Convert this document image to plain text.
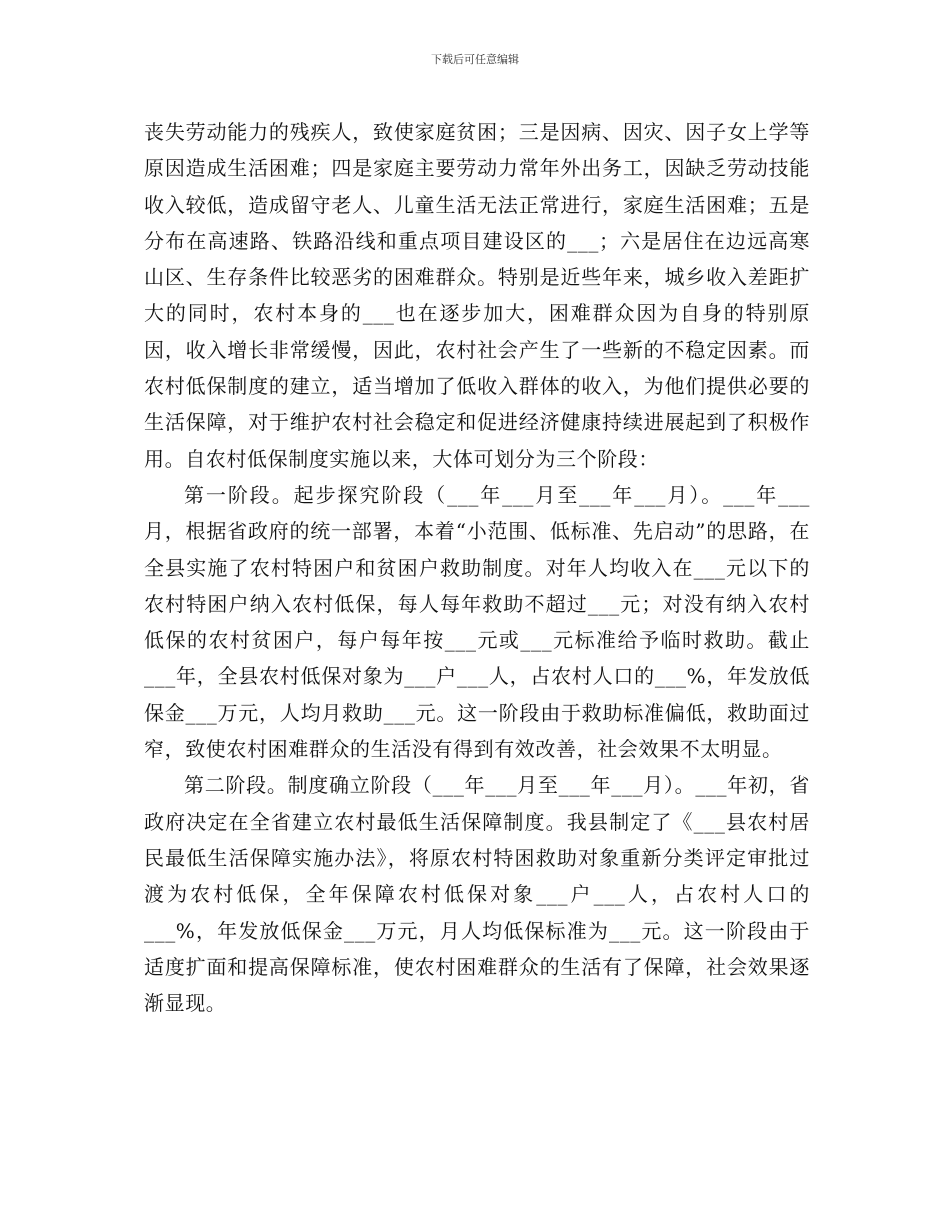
下载后可任意编辑

丧失劳动能力的残疾人，致使家庭贫困；三是因病、因灾、因子女上学等原因造成生活困难；四是家庭主要劳动力常年外出务工，因缺乏劳动技能收入较低，造成留守老人、儿童生活无法正常进行，家庭生活困难；五是分布在高速路、铁路沿线和重点项目建设区的___；六是居住在边远高寒山区、生存条件比较恶劣的困难群众。特别是近些年来，城乡收入差距扩大的同时，农村本身的___也在逐步加大，困难群众因为自身的特别原因，收入增长非常缓慢，因此，农村社会产生了一些新的不稳定因素。而农村低保制度的建立，适当增加了低收入群体的收入，为他们提供必要的生活保障，对于维护农村社会稳定和促进经济健康持续进展起到了积极作用。自农村低保制度实施以来，大体可划分为三个阶段：

第一阶段。起步探究阶段（___年___月至___年___月）。___年___月，根据省政府的统一部署，本着“小范围、低标准、先启动”的思路，在全县实施了农村特困户和贫困户救助制度。对年人均收入在___元以下的农村特困户纳入农村低保，每人每年救助不超过___元；对没有纳入农村低保的农村贫困户，每户每年按___元或___元标准给予临时救助。截止___年，全县农村低保对象为___户___人，占农村人口的___%，年发放低保金___万元，人均月救助___元。这一阶段由于救助标准偏低，救助面过窄，致使农村困难群众的生活没有得到有效改善，社会效果不太明显。

第二阶段。制度确立阶段（___年___月至___年___月）。___年初，省政府决定在全省建立农村最低生活保障制度。我县制定了《___县农村居民最低生活保障实施办法》，将原农村特困救助对象重新分类评定审批过渡为农村低保，全年保障农村低保对象___户___人，占农村人口的___%，年发放低保金___万元，月人均低保标准为___元。这一阶段由于适度扩面和提高保障标准，使农村困难群众的生活有了保障，社会效果逐渐显现。
